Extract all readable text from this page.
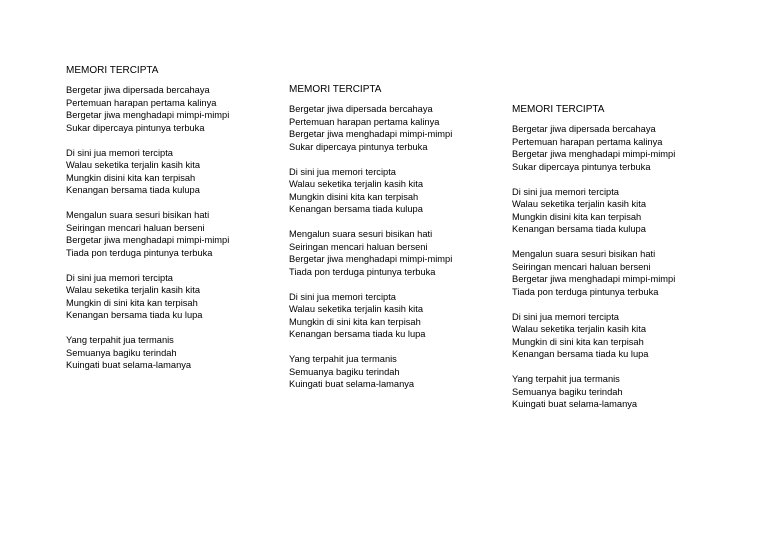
MEMORI TERCIPTA
Bergetar jiwa dipersada bercahaya
Pertemuan harapan pertama kalinya
Bergetar jiwa menghadapi mimpi-mimpi
Sukar dipercaya pintunya terbuka
Di sini jua memori tercipta
Walau seketika terjalin kasih kita
Mungkin disini kita kan terpisah
Kenangan bersama tiada kulupa
Mengalun suara sesuri bisikan hati
Seiringan mencari haluan berseni
Bergetar jiwa menghadapi mimpi-mimpi
Tiada pon terduga pintunya terbuka
Di sini jua memori tercipta
Walau seketika terjalin kasih kita
Mungkin di sini kita kan terpisah
Kenangan bersama tiada ku lupa
Yang terpahit jua termanis
Semuanya bagiku terindah
Kuingati buat selama-lamanya
MEMORI TERCIPTA
Bergetar jiwa dipersada bercahaya
Pertemuan harapan pertama kalinya
Bergetar jiwa menghadapi mimpi-mimpi
Sukar dipercaya pintunya terbuka
Di sini jua memori tercipta
Walau seketika terjalin kasih kita
Mungkin disini kita kan terpisah
Kenangan bersama tiada kulupa
Mengalun suara sesuri bisikan hati
Seiringan mencari haluan berseni
Bergetar jiwa menghadapi mimpi-mimpi
Tiada pon terduga pintunya terbuka
Di sini jua memori tercipta
Walau seketika terjalin kasih kita
Mungkin di sini kita kan terpisah
Kenangan bersama tiada ku lupa
Yang terpahit jua termanis
Semuanya bagiku terindah
Kuingati buat selama-lamanya
MEMORI TERCIPTA
Bergetar jiwa dipersada bercahaya
Pertemuan harapan pertama kalinya
Bergetar jiwa menghadapi mimpi-mimpi
Sukar dipercaya pintunya terbuka
Di sini jua memori tercipta
Walau seketika terjalin kasih kita
Mungkin disini kita kan terpisah
Kenangan bersama tiada kulupa
Mengalun suara sesuri bisikan hati
Seiringan mencari haluan berseni
Bergetar jiwa menghadapi mimpi-mimpi
Tiada pon terduga pintunya terbuka
Di sini jua memori tercipta
Walau seketika terjalin kasih kita
Mungkin di sini kita kan terpisah
Kenangan bersama tiada ku lupa
Yang terpahit jua termanis
Semuanya bagiku terindah
Kuingati buat selama-lamanya
